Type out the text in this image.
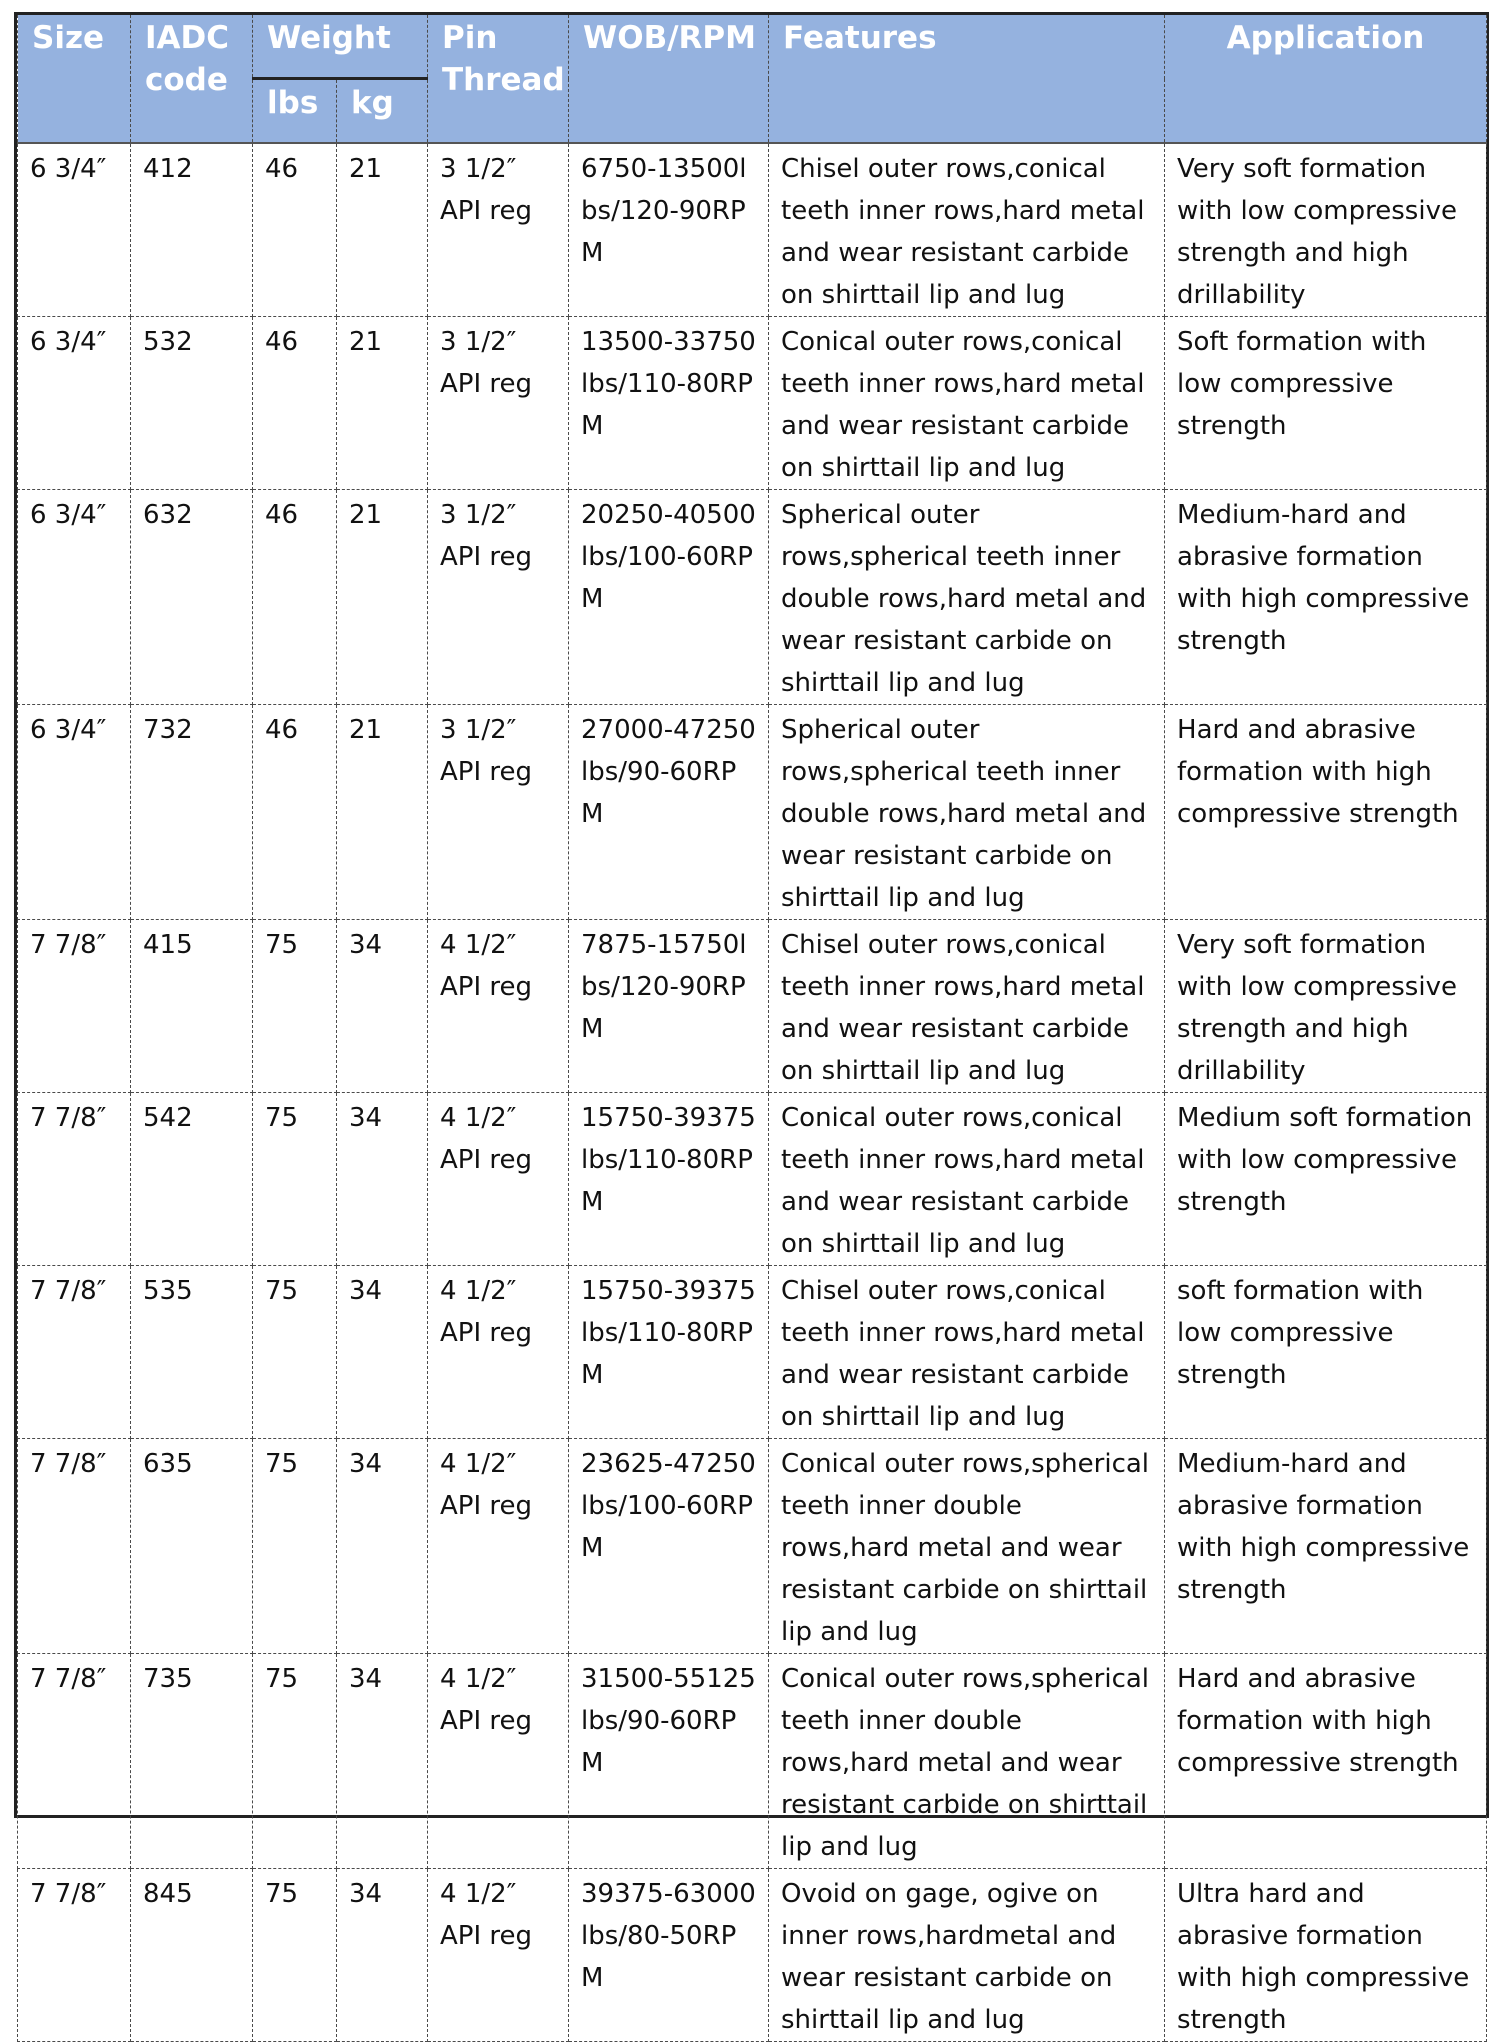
Size	IADC code	Weight		Pin Thread	WOB/RPM	Features	Application
		lbs	kg				
6 3/4″	412	46	21	3 1/2″ API reg	6750-13500lbs/120-90RPM	Chisel outer rows,conical teeth inner rows,hard metal and wear resistant carbide on shirttail lip and lug	Very soft formation with low compressive strength and high drillability
6 3/4″	532	46	21	3 1/2″ API reg	13500-33750lbs/110-80RPM	Conical outer rows,conical teeth inner rows,hard metal and wear resistant carbide on shirttail lip and lug	Soft formation with low compressive strength
6 3/4″	632	46	21	3 1/2″ API reg	20250-40500lbs/100-60RPM	Spherical outer rows,spherical teeth inner double rows,hard metal and wear resistant carbide on shirttail lip and lug	Medium-hard and abrasive formation with high compressive strength
6 3/4″	732	46	21	3 1/2″ API reg	27000-47250lbs/90-60RPM	Spherical outer rows,spherical teeth inner double rows,hard metal and wear resistant carbide on shirttail lip and lug	Hard and abrasive formation with high compressive strength
7 7/8″	415	75	34	4 1/2″ API reg	7875-15750lbs/120-90RPM	Chisel outer rows,conical teeth inner rows,hard metal and wear resistant carbide on shirttail lip and lug	Very soft formation with low compressive strength and high drillability
7 7/8″	542	75	34	4 1/2″ API reg	15750-39375lbs/110-80RPM	Conical outer rows,conical teeth inner rows,hard metal and wear resistant carbide on shirttail lip and lug	Medium soft formation with low compressive strength
7 7/8″	535	75	34	4 1/2″ API reg	15750-39375lbs/110-80RPM	Chisel outer rows,conical teeth inner rows,hard metal and wear resistant carbide on shirttail lip and lug	soft formation with low compressive strength
7 7/8″	635	75	34	4 1/2″ API reg	23625-47250lbs/100-60RPM	Conical outer rows,spherical teeth inner double rows,hard metal and wear resistant carbide on shirttail lip and lug	Medium-hard and abrasive formation with high compressive strength
7 7/8″	735	75	34	4 1/2″ API reg	31500-55125lbs/90-60RPM	Conical outer rows,spherical teeth inner double rows,hard metal and wear resistant carbide on shirttail lip and lug	Hard and abrasive formation with high compressive strength
7 7/8″	845	75	34	4 1/2″ API reg	39375-63000lbs/80-50RPM	Ovoid on gage, ogive on inner rows,hardmetal and wear resistant carbide on shirttail lip and lug	Ultra hard and abrasive formation with high compressive strength
